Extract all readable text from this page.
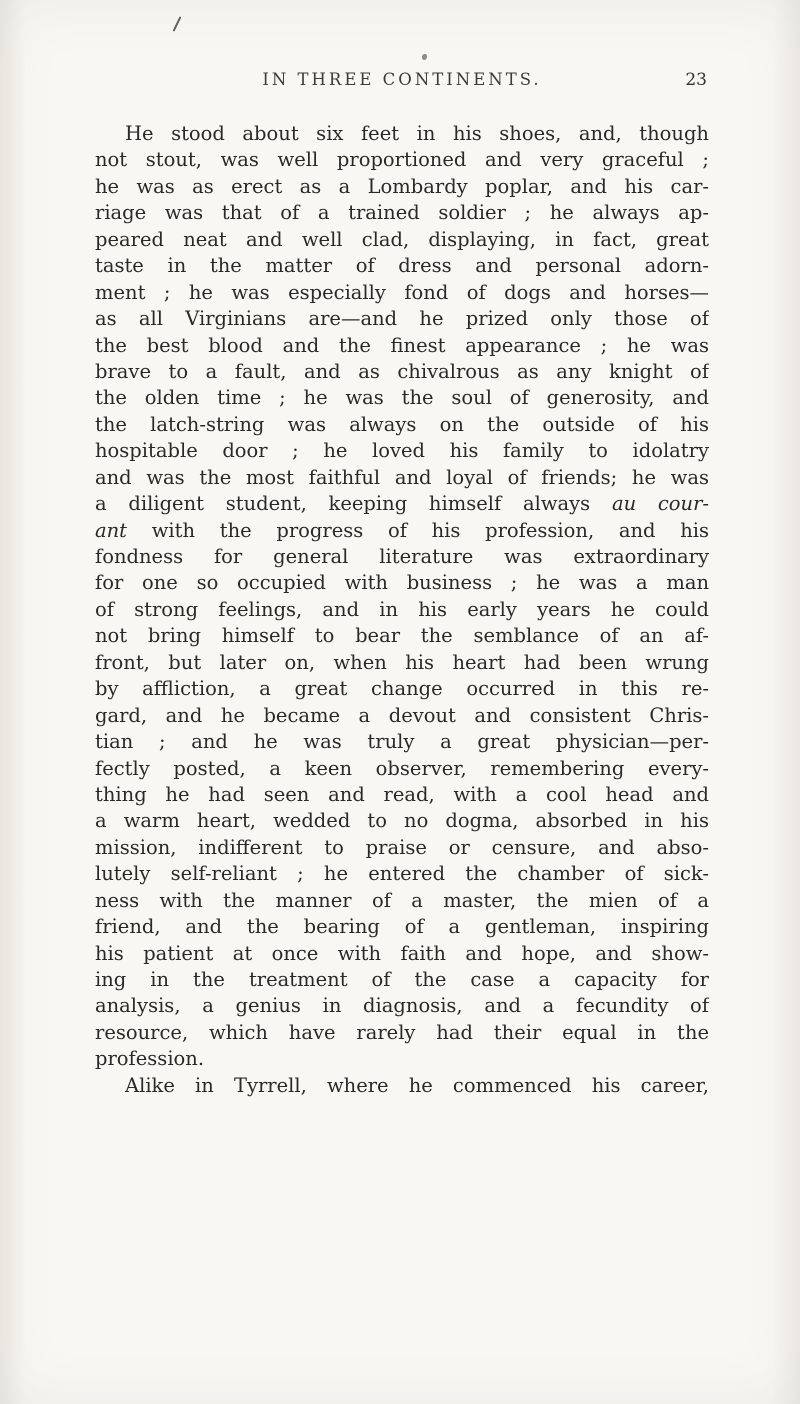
IN THREE CONTINENTS.	23
He stood about six feet in his shoes, and, though
not stout, was well proportioned and very graceful ;
he was as erect as a Lombardy poplar, and his car-
riage was that of a trained soldier ; he always ap-
peared neat and well clad, displaying, in fact, great
taste in the matter of dress and personal adorn-
ment ; he was especially fond of dogs and horses—
as all Virginians are—and he prized only those of
the best blood and the finest appearance ; he was
brave to a fault, and as chivalrous as any knight of
the olden time ; he was the soul of generosity, and
the latch-string was always on the outside of his
hospitable door ; he loved his family to idolatry
and was the most faithful and loyal of friends; he was
a diligent student, keeping himself always au cour-
ant with the progress of his profession, and his
fondness for general literature was extraordinary
for one so occupied with business ; he was a man
of strong feelings, and in his early years he could
not bring himself to bear the semblance of an af-
front, but later on, when his heart had been wrung
by affliction, a great change occurred in this re-
gard, and he became a devout and consistent Chris-
tian ; and he was truly a great physician—per-
fectly posted, a keen observer, remembering every-
thing he had seen and read, with a cool head and
a warm heart, wedded to no dogma, absorbed in his
mission, indifferent to praise or censure, and abso-
lutely self-reliant ; he entered the chamber of sick-
ness with the manner of a master, the mien of a
friend, and the bearing of a gentleman, inspiring
his patient at once with faith and hope, and show-
ing in the treatment of the case a capacity for
analysis, a genius in diagnosis, and a fecundity of
resource, which have rarely had their equal in the
profession.
Alike in Tyrrell, where he commenced his career,
